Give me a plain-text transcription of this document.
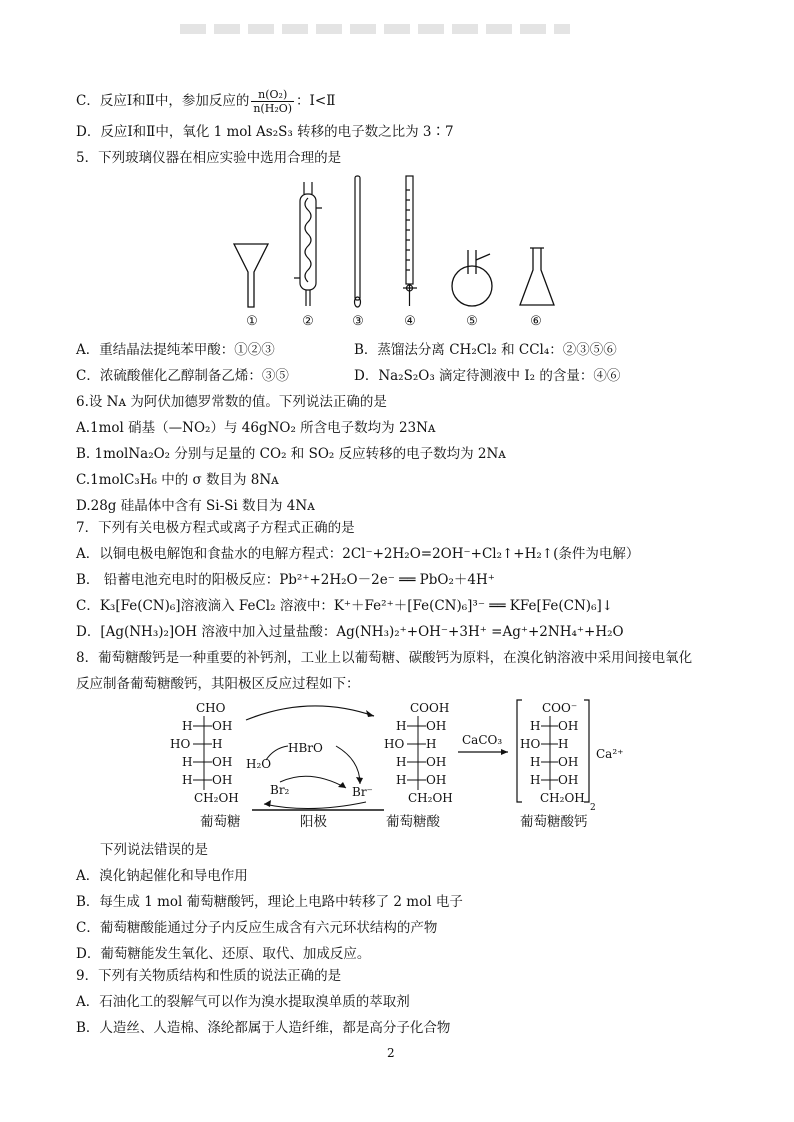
C．反应Ⅰ和Ⅱ中，参加反应的 $\frac{\text{n(O₂)}}{\text{n(H₂O)}}$ ：Ⅰ<Ⅱ
D．反应Ⅰ和Ⅱ中，氧化 1 mol As₂S₃ 转移的电子数之比为 3∶7
5．下列玻璃仪器在相应实验中选用合理的是
①	②	③	④	⑤	⑥
A．重结晶法提纯苯甲酸：①②③	B．蒸馏法分离 CH₂Cl₂ 和 CCl₄：②③⑤⑥
C．浓硫酸催化乙醇制备乙烯：③⑤	D．Na₂S₂O₃ 滴定待测液中 I₂ 的含量：④⑥
6.设 Nᴀ 为阿伏加德罗常数的值。下列说法正确的是
A.1mol 硝基（—NO₂）与 46gNO₂ 所含电子数均为 23Nᴀ
B. 1molNa₂O₂ 分别与足量的 CO₂ 和 SO₂ 反应转移的电子数均为 2Nᴀ
C.1molC₃H₆ 中的 σ 数目为 8Nᴀ
D.28g 硅晶体中含有 Si-Si 数目为 4Nᴀ
7．下列有关电极方程式或离子方程式正确的是
A．以铜电极电解饱和食盐水的电解方程式：2Cl⁻+2H₂O=2OH⁻+Cl₂↑+H₂↑(条件为电解）
B． 铅蓄电池充电时的阳极反应：Pb²⁺+2H₂O－2e⁻ ══ PbO₂＋4H⁺
C．K₃[Fe(CN)₆]溶液滴入 FeCl₂ 溶液中：K⁺＋Fe²⁺＋[Fe(CN)₆]³⁻ ══ KFe[Fe(CN)₆]↓
D．[Ag(NH₃)₂]OH 溶液中加入过量盐酸：Ag(NH₃)₂⁺+OH⁻+3H⁺ =Ag⁺+2NH₄⁺+H₂O
8．葡萄糖酸钙是一种重要的补钙剂，工业上以葡萄糖、碳酸钙为原料，在溴化钠溶液中采用间接电氧化
反应制备葡萄糖酸钙，其阳极区反应过程如下：
CHO
H OH
HO H
H OH
H OH
CH₂OH
HBrO
H₂O
Br₂	Br⁻
COOH
H OH
HO H
H OH
H OH
CH₂OH
CaCO₃
COO⁻
H OH
HO H
H OH
H OH
CH₂OH
2
Ca²⁺
葡萄糖	阳极	葡萄糖酸	葡萄糖酸钙
下列说法错误的是
A．溴化钠起催化和导电作用
B．每生成 1 mol 葡萄糖酸钙，理论上电路中转移了 2 mol 电子
C．葡萄糖酸能通过分子内反应生成含有六元环状结构的产物
D．葡萄糖能发生氧化、还原、取代、加成反应。
9．下列有关物质结构和性质的说法正确的是
A．石油化工的裂解气可以作为溴水提取溴单质的萃取剂
B．人造丝、人造棉、涤纶都属于人造纤维，都是高分子化合物
2
